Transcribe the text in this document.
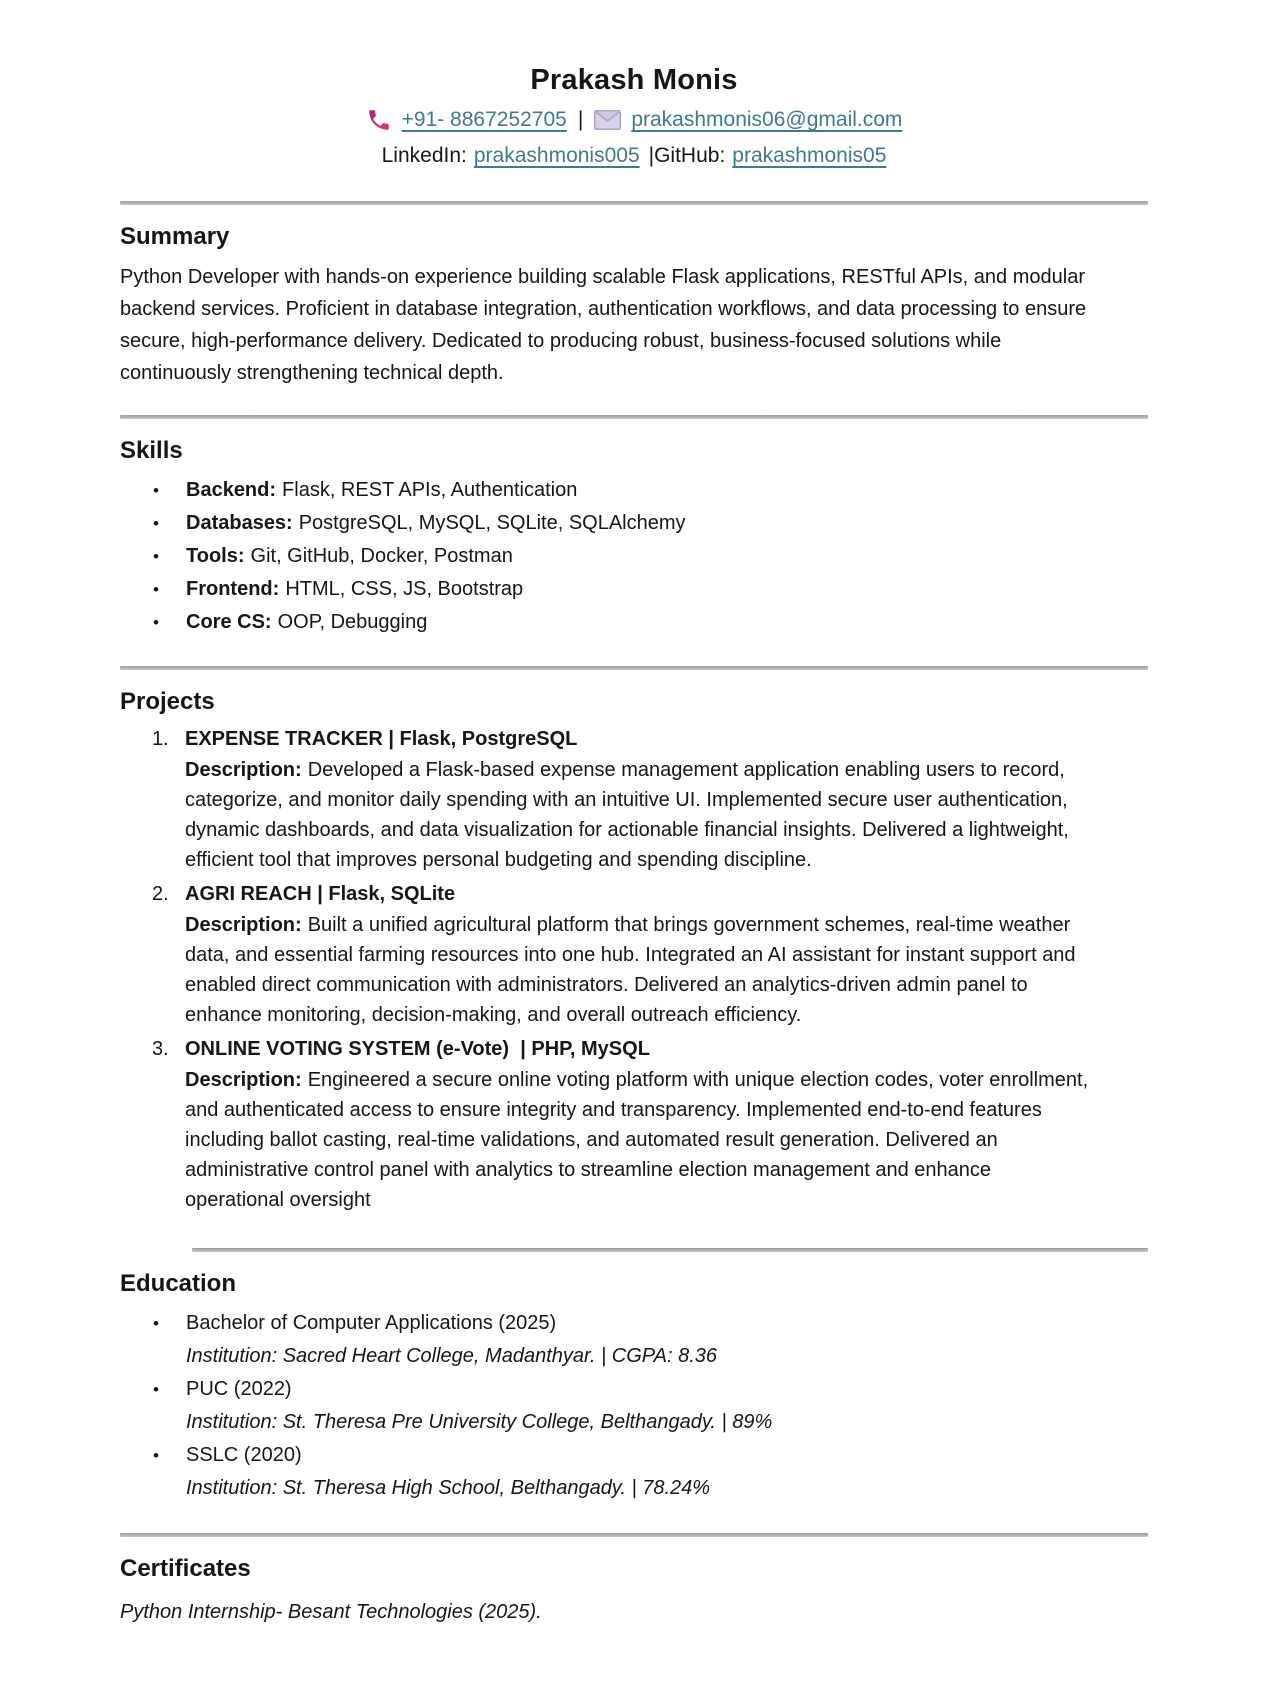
Prakash Monis
+91- 8867252705 | prakashmonis06@gmail.com
LinkedIn: prakashmonis005 |GitHub: prakashmonis05
Summary

Python Developer with hands-on experience building scalable Flask applications, RESTful APIs, and modular backend services. Proficient in database integration, authentication workflows, and data processing to ensure secure, high-performance delivery. Dedicated to producing robust, business-focused solutions while continuously strengthening technical depth.

Skills
•	Backend: Flask, REST APIs, Authentication
•	Databases: PostgreSQL, MySQL, SQLite, SQLAlchemy
•	Tools: Git, GitHub, Docker, Postman
•	Frontend: HTML, CSS, JS, Bootstrap
•	Core CS: OOP, Debugging
Projects
1. EXPENSE TRACKER | Flask, PostgreSQL

Description: Developed a Flask-based expense management application enabling users to record, categorize, and monitor daily spending with an intuitive UI. Implemented secure user authentication, dynamic dashboards, and data visualization for actionable financial insights. Delivered a lightweight, efficient tool that improves personal budgeting and spending discipline.

2. AGRI REACH | Flask, SQLite

Description: Built a unified agricultural platform that brings government schemes, real-time weather data, and essential farming resources into one hub. Integrated an AI assistant for instant support and enabled direct communication with administrators. Delivered an analytics-driven admin panel to enhance monitoring, decision-making, and overall outreach efficiency.

3. ONLINE VOTING SYSTEM (e-Vote)  | PHP, MySQL

Description: Engineered a secure online voting platform with unique election codes, voter enrollment, and authenticated access to ensure integrity and transparency. Implemented end-to-end features including ballot casting, real-time validations, and automated result generation. Delivered an administrative control panel with analytics to streamline election management and enhance operational oversight

Education
•	Bachelor of Computer Applications (2025)
Institution: Sacred Heart College, Madanthyar. | CGPA: 8.36
•	PUC (2022)
Institution: St. Theresa Pre University College, Belthangady. | 89%
•	SSLC (2020)
Institution: St. Theresa High School, Belthangady. | 78.24%
Certificates

Python Internship- Besant Technologies (2025).
